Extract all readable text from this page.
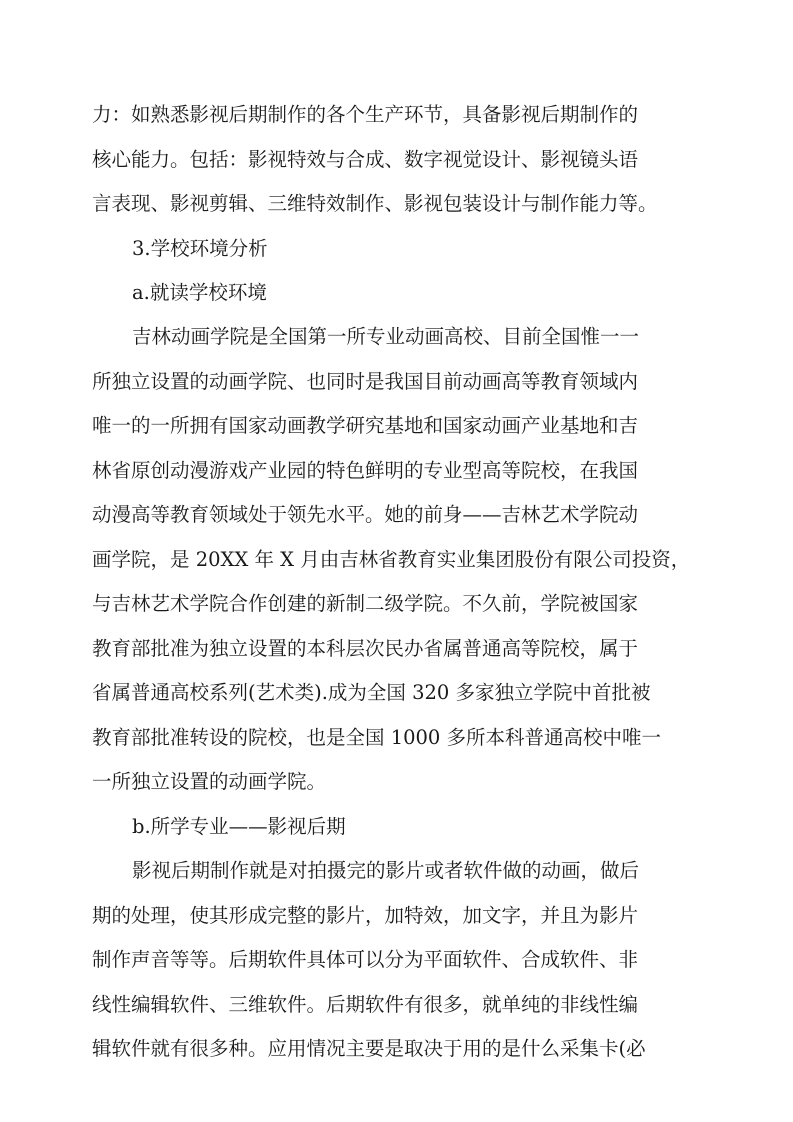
力：如熟悉影视后期制作的各个生产环节，具备影视后期制作的
核心能力。包括：影视特效与合成、数字视觉设计、影视镜头语
言表现、影视剪辑、三维特效制作、影视包装设计与制作能力等。
3.学校环境分析
a.就读学校环境
吉林动画学院是全国第一所专业动画高校、目前全国惟一一
所独立设置的动画学院、也同时是我国目前动画高等教育领域内
唯一的一所拥有国家动画教学研究基地和国家动画产业基地和吉
林省原创动漫游戏产业园的特色鲜明的专业型高等院校，在我国
动漫高等教育领域处于领先水平。她的前身——吉林艺术学院动
画学院，是 20XX 年 X 月由吉林省教育实业集团股份有限公司投资，
与吉林艺术学院合作创建的新制二级学院。不久前，学院被国家
教育部批准为独立设置的本科层次民办省属普通高等院校，属于
省属普通高校系列(艺术类).成为全国 320 多家独立学院中首批被
教育部批准转设的院校，也是全国 1000 多所本科普通高校中唯一
一所独立设置的动画学院。
b.所学专业——影视后期
影视后期制作就是对拍摄完的影片或者软件做的动画，做后
期的处理，使其形成完整的影片，加特效，加文字，并且为影片
制作声音等等。后期软件具体可以分为平面软件、合成软件、非
线性编辑软件、三维软件。后期软件有很多，就单纯的非线性编
辑软件就有很多种。应用情况主要是取决于用的是什么采集卡(必
